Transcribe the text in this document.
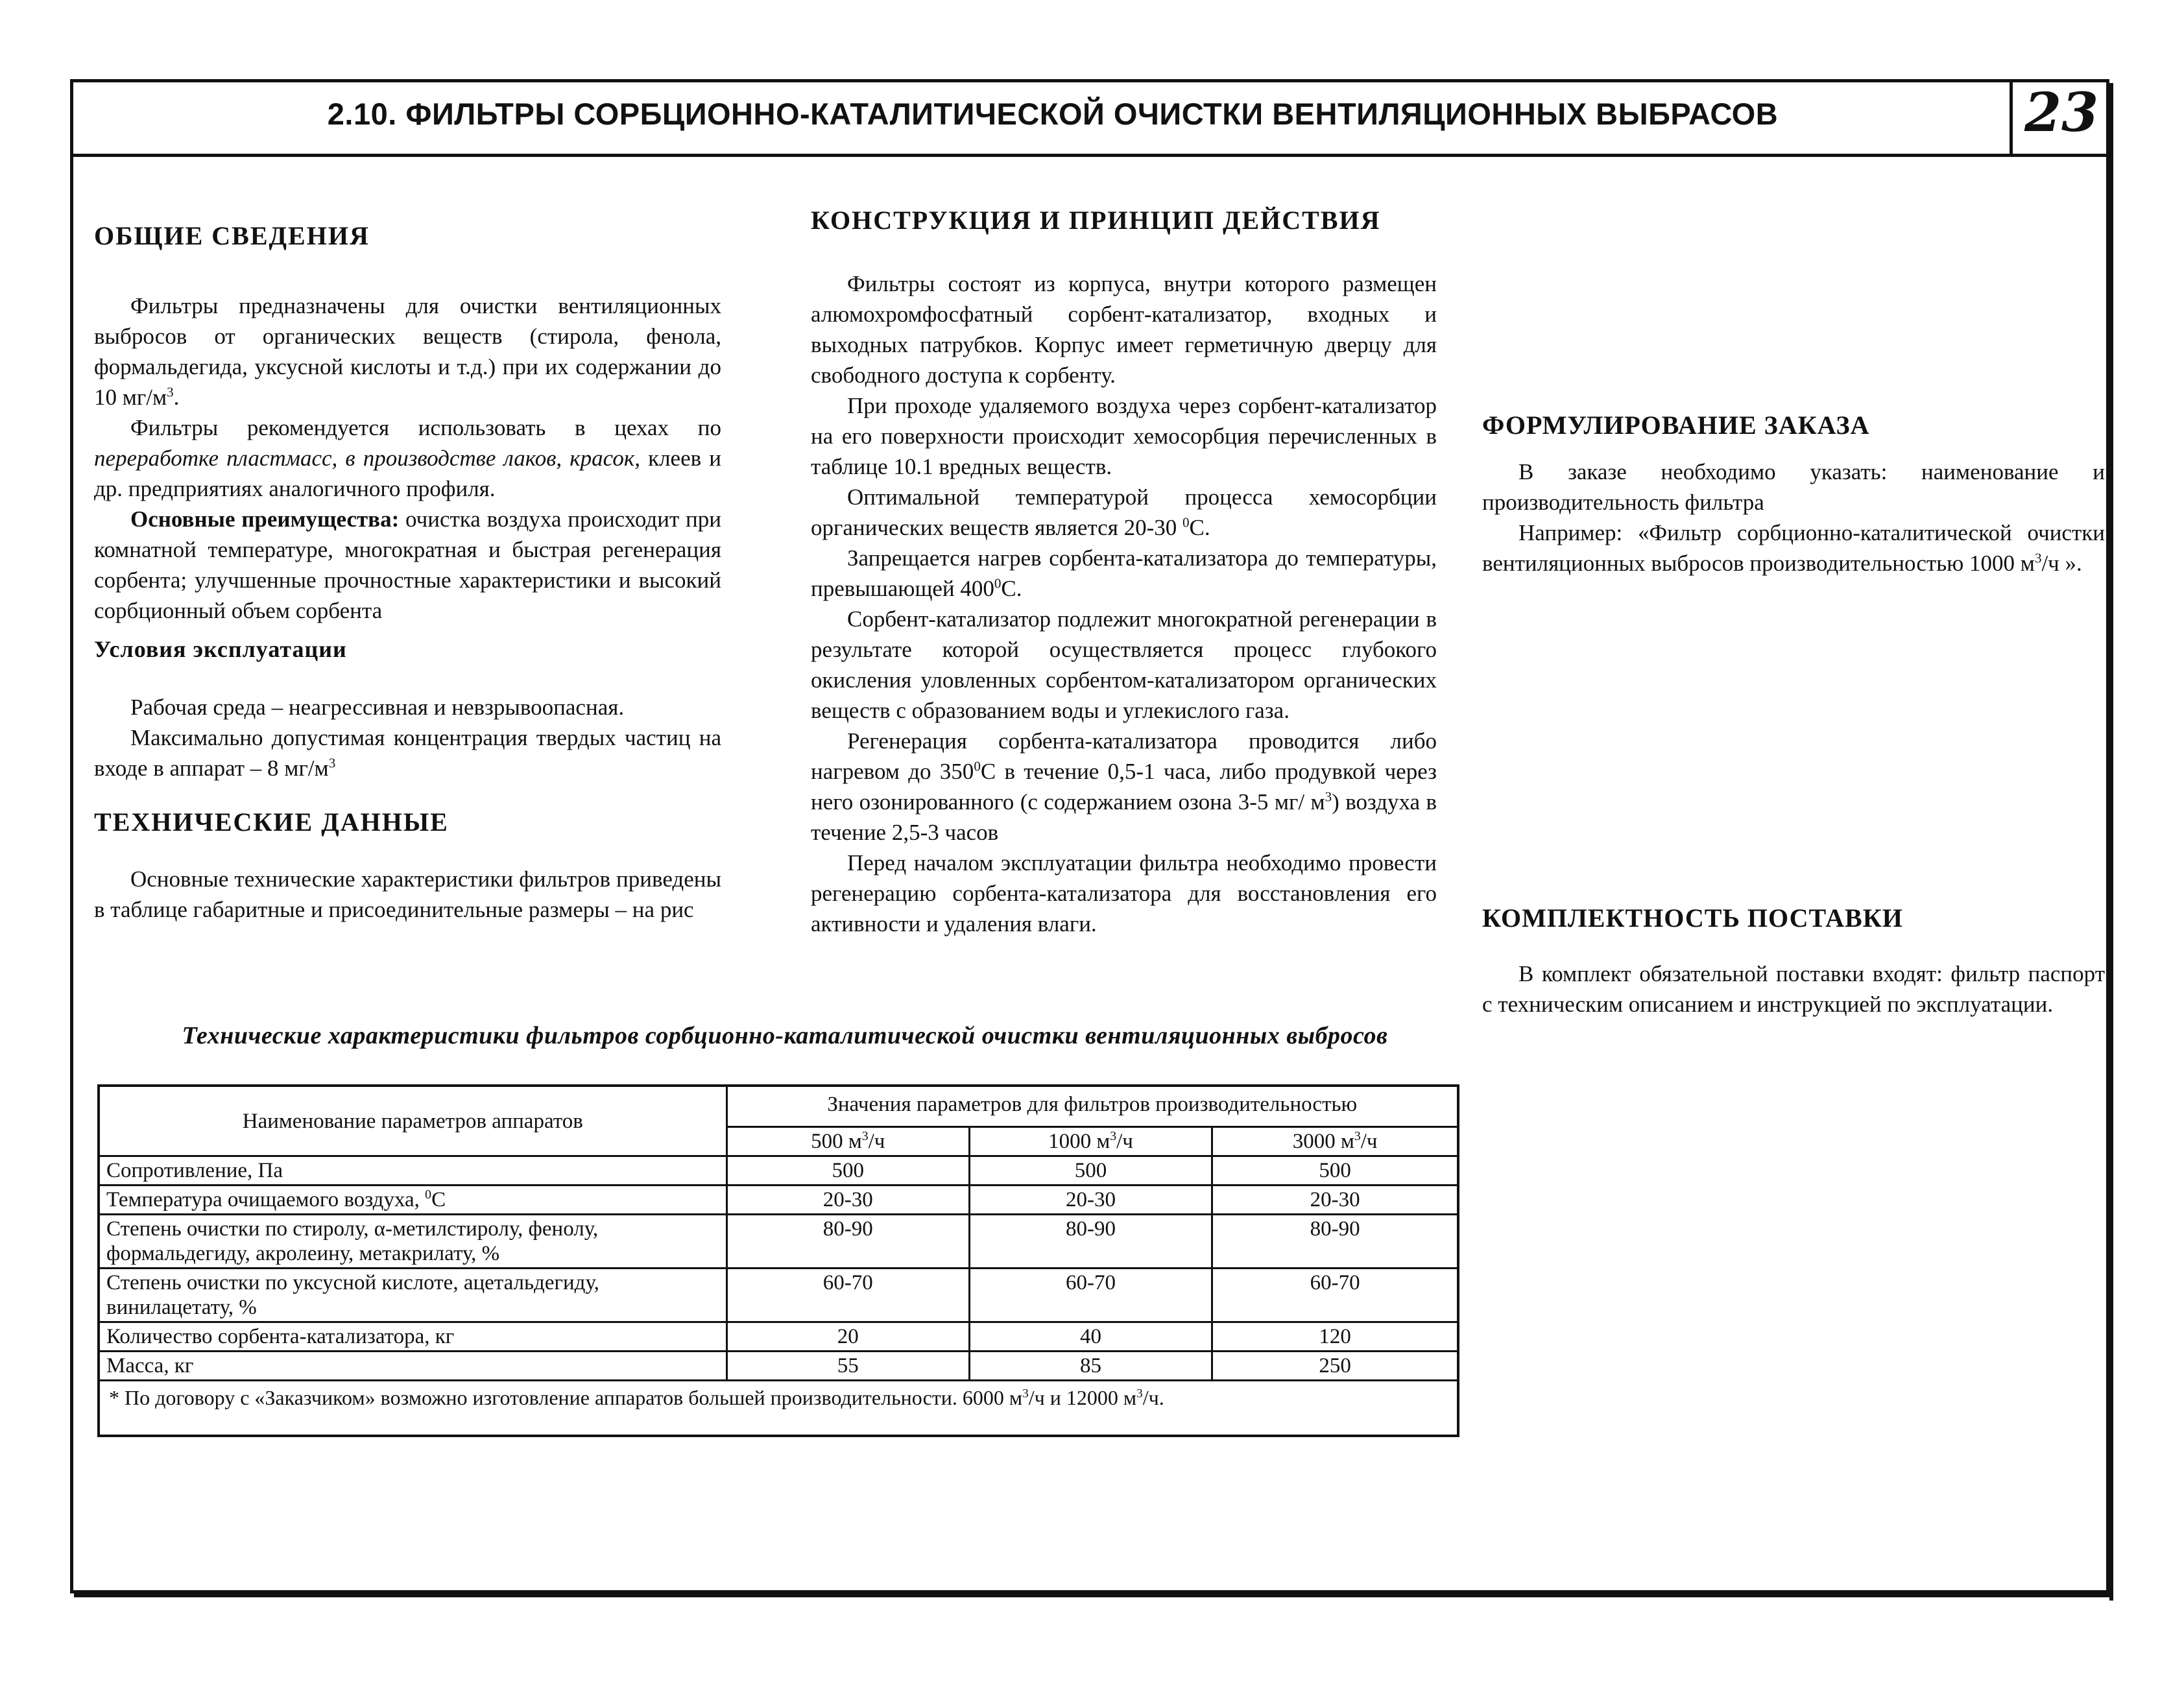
2.10. ФИЛЬТРЫ СОРБЦИОННО-КАТАЛИТИЧЕСКОЙ ОЧИСТКИ ВЕНТИЛЯЦИОННЫХ ВЫБРАСОВ	23
ОБЩИЕ СВЕДЕНИЯ

Фильтры предназначены для очистки вентиляционных выбросов от органических веществ (стирола, фенола, формальдегида, уксусной кислоты и т.д.) при их содержании до 10 $мг/м^3$.

Фильтры рекомендуется использовать в цехах по переработке пластмасс, в производстве лаков, красок, клеев и др. предприятиях аналогичного профиля.

Основные преимущества: очистка воздуха происходит при комнатной температуре, многократная и быстрая регенерация сорбента; улучшенные прочностные характеристики и высокий сорбционный объем сорбента

Условия эксплуатации

Рабочая среда – неагрессивная и невзрывоопасная.

Максимально допустимая концентрация твердых частиц на входе в аппарат – 8 $мг/м^3$

ТЕХНИЧЕСКИЕ ДАННЫЕ

Основные технические характеристики фильтров приведены в таблице габаритные и присоединительные размеры – на рис

КОНСТРУКЦИЯ И ПРИНЦИП ДЕЙСТВИЯ

Фильтры состоят из корпуса, внутри которого размещен алюмохромфосфатный сорбент-катализатор, входных и выходных патрубков. Корпус имеет герметичную дверцу для свободного доступа к сорбенту.

При проходе удаляемого воздуха через сорбент-катализатор на его поверхности происходит хемосорбция перечисленных в таблице 10.1 вредных веществ.

Оптимальной температурой процесса хемосорбции органических веществ является 20-30 $^0$С.

Запрещается нагрев сорбента-катализатора до температуры, превышающей $400^0С$.

Сорбент-катализатор подлежит многократной регенерации в результате которой осуществляется процесс глубокого окисления уловленных сорбентом-катализатором органических веществ с образованием воды и углекислого газа.

Регенерация сорбента-катализатора проводится либо нагревом до $350^0С$ в течение 0,5-1 часа, либо продувкой через него озонированного (с содержанием озона 3-5 мг/ $м^3$) воздуха в течение 2,5-3 часов

Перед началом эксплуатации фильтра необходимо провести регенерацию сорбента-катализатора для восстановления его активности и удаления влаги.

ФОРМУЛИРОВАНИЕ ЗАКАЗА

В заказе необходимо указать: наименование и производительность фильтра

Например: «Фильтр сорбционно-каталитической очистки вентиляционных выбросов производительностью 1000 $м^3/ч$ ».

КОМПЛЕКТНОСТЬ ПОСТАВКИ

В комплект обязательной поставки входят: фильтр паспорт с техническим описанием и инструкцией по эксплуатации.

Технические характеристики фильтров сорбционно-каталитической очистки вентиляционных выбросов
Наименование параметров аппаратов	Значения параметров для фильтров производительностью		
	500 $м^3/ч$	1000 $м^3/ч$	3000 $м^3/ч$
Сопротивление, Па	500	500	500
Температура очищаемого воздуха, $^0$С	20-30	20-30	20-30
Степень очистки по стиролу, α-метилстиролу, фенолу, формальдегиду, акролеину, метакрилату, %	80-90	80-90	80-90
Степень очистки по уксусной кислоте, ацетальдегиду, винилацетату, %	60-70	60-70	60-70
Количество сорбента-катализатора, кг	20	40	120
Масса, кг	55	85	250
* По договору с «Заказчиком» возможно изготовление аппаратов большей производительности. 6000 $м^3/ч$ и 12000 $м^3/ч$.			
